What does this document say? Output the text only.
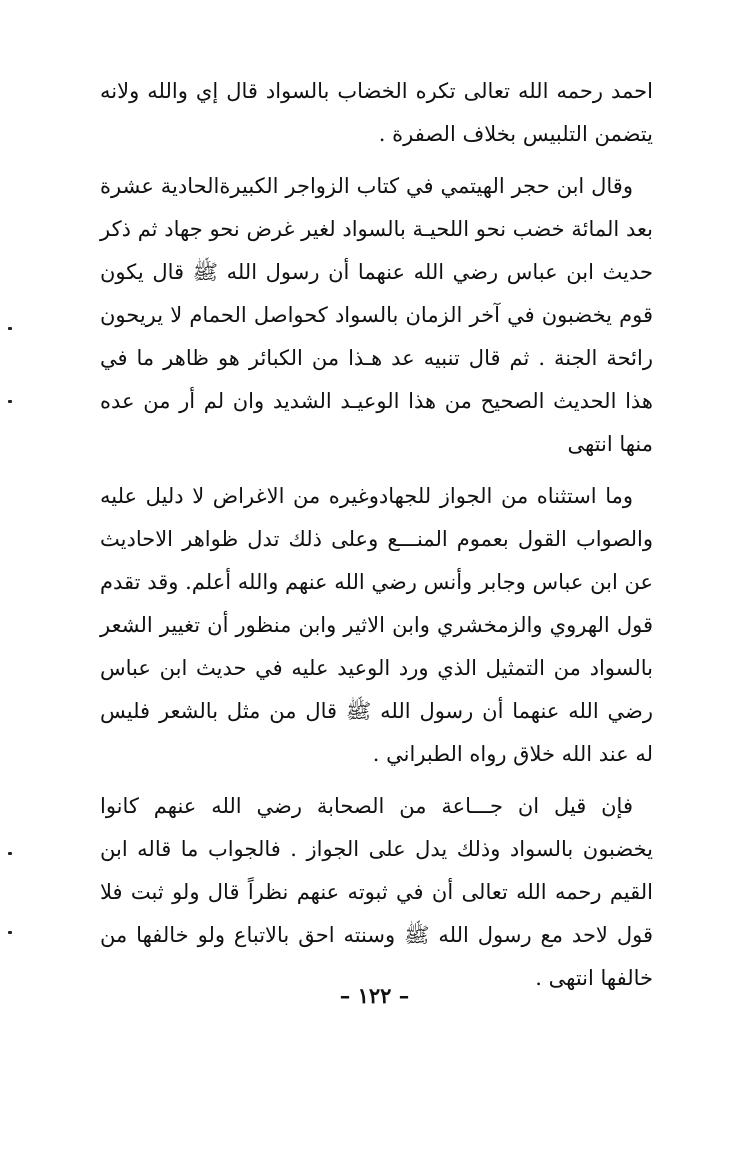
احمد رحمه الله تعالى تكره الخضاب بالسواد قال إي والله ولانه يتضمن التلبيس بخلاف الصفرة .

وقال ابن حجر الهيتمي في كتاب الزواجر الكبيرةالحادية عشرة بعد المائة خضب نحو اللحيـة بالسواد لغير غرض نحو جهاد ثم ذكر حديث ابن عباس رضي الله عنهما أن رسول الله ﷺ قال يكون قوم يخضبون في آخر الزمان بالسواد كحواصل الحمام لا يريحون رائحة الجنة . ثم قال تنبيه عد هـذا من الكبائر هو ظاهر ما في هذا الحديث الصحيح من هذا الوعيـد الشديد وان لم أر من عده منها انتهى

وما استثناه من الجواز للجهادوغيره من الاغراض لا دليل عليه والصواب القول بعموم المنـــع وعلى ذلك تدل ظواهر الاحاديث عن ابن عباس وجابر وأنس رضي الله عنهم والله أعلم. وقد تقدم قول الهروي والزمخشري وابن الاثير وابن منظور أن تغيير الشعر بالسواد من التمثيل الذي ورد الوعيد عليه في حديث ابن عباس رضي الله عنهما أن رسول الله ﷺ قال من مثل بالشعر فليس له عند الله خلاق رواه الطبراني .

فإن قيل ان جـــاعة من الصحابة رضي الله عنهم كانوا يخضبون بالسواد وذلك يدل على الجواز . فالجواب ما قاله ابن القيم رحمه الله تعالى أن في ثبوته عنهم نظراً قال ولو ثبت فلا قول لاحد مع رسول الله ﷺ وسنته احق بالاتباع ولو خالفها من خالفها انتهى .

– ١٢٢ –
